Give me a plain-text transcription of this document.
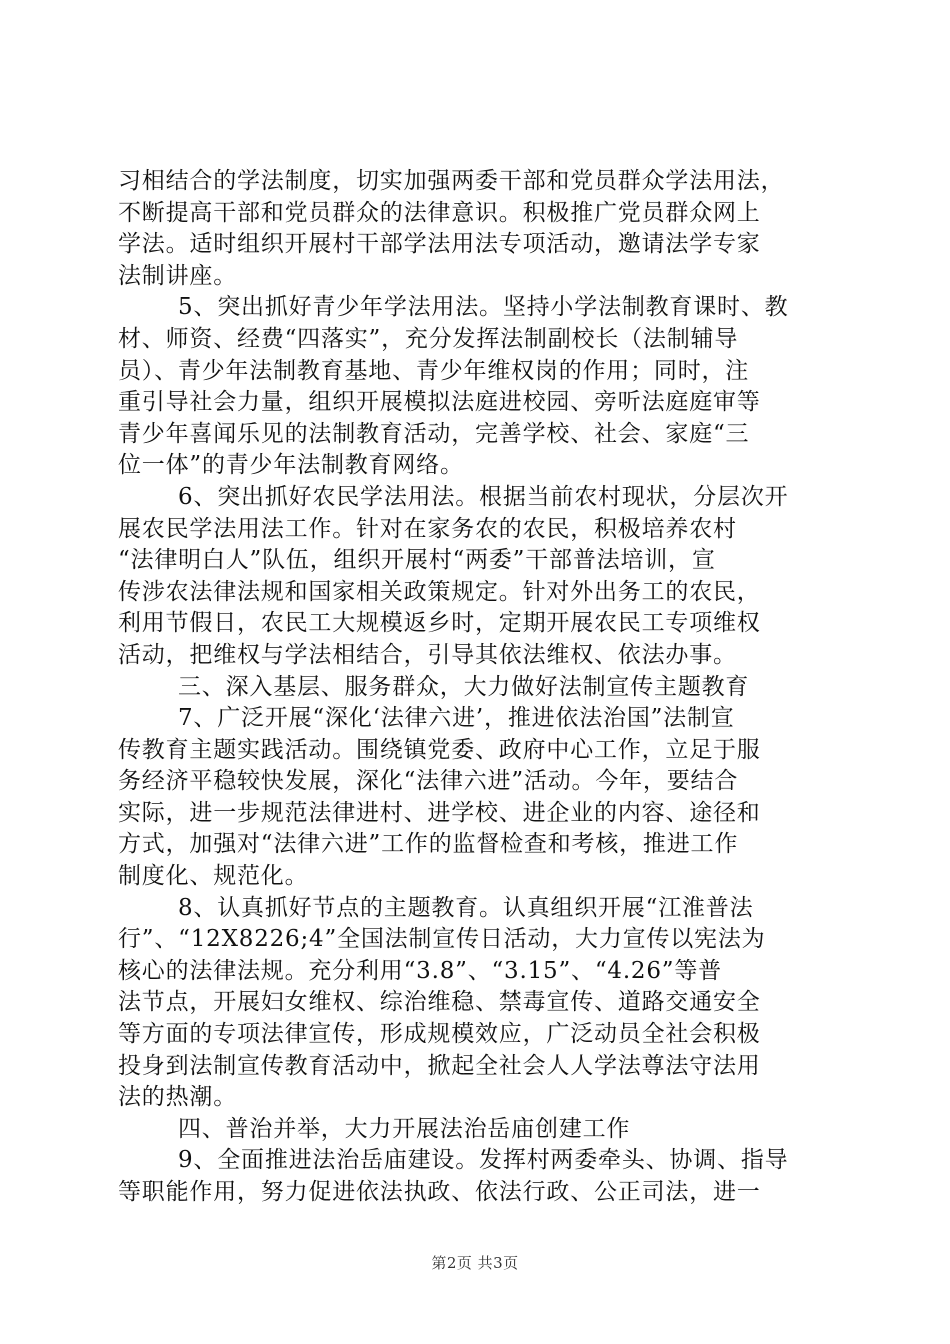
习相结合的学法制度，切实加强两委干部和党员群众学法用法，
不断提高干部和党员群众的法律意识。积极推广党员群众网上
学法。适时组织开展村干部学法用法专项活动，邀请法学专家
法制讲座。
5、突出抓好青少年学法用法。坚持小学法制教育课时、教
材、师资、经费“四落实”，充分发挥法制副校长（法制辅导
员）、青少年法制教育基地、青少年维权岗的作用；同时，注
重引导社会力量，组织开展模拟法庭进校园、旁听法庭庭审等
青少年喜闻乐见的法制教育活动，完善学校、社会、家庭“三
位一体”的青少年法制教育网络。
6、突出抓好农民学法用法。根据当前农村现状，分层次开
展农民学法用法工作。针对在家务农的农民，积极培养农村
“法律明白人”队伍，组织开展村“两委”干部普法培训，宣
传涉农法律法规和国家相关政策规定。针对外出务工的农民，
利用节假日，农民工大规模返乡时，定期开展农民工专项维权
活动，把维权与学法相结合，引导其依法维权、依法办事。
三、深入基层、服务群众，大力做好法制宣传主题教育
7、广泛开展“深化‘法律六进’，推进依法治国”法制宣
传教育主题实践活动。围绕镇党委、政府中心工作，立足于服
务经济平稳较快发展，深化“法律六进”活动。今年，要结合
实际，进一步规范法律进村、进学校、进企业的内容、途径和
方式，加强对“法律六进”工作的监督检查和考核，推进工作
制度化、规范化。
8、认真抓好节点的主题教育。认真组织开展“江淮普法
行”、“12X8226;4”全国法制宣传日活动，大力宣传以宪法为
核心的法律法规。充分利用“3.8”、“3.15”、“4.26”等普
法节点，开展妇女维权、综治维稳、禁毒宣传、道路交通安全
等方面的专项法律宣传，形成规模效应，广泛动员全社会积极
投身到法制宣传教育活动中，掀起全社会人人学法尊法守法用
法的热潮。
四、普治并举，大力开展法治岳庙创建工作
9、全面推进法治岳庙建设。发挥村两委牵头、协调、指导
等职能作用，努力促进依法执政、依法行政、公正司法，进一
第2页 共3页
